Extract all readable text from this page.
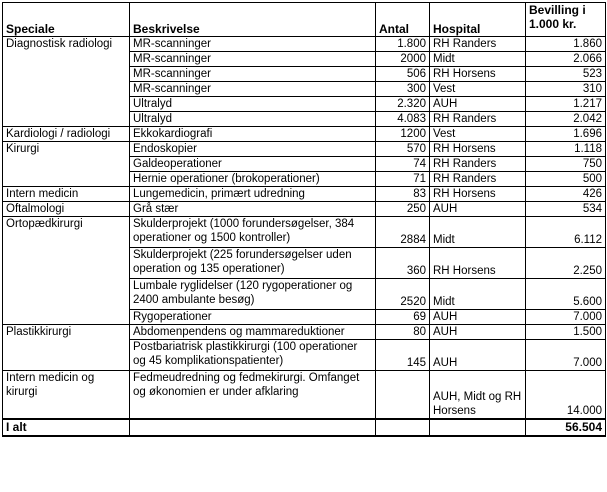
Speciale	Beskrivelse	Antal	Hospital	Bevilling i
1.000 kr.
Diagnostisk radiologi	MR-scanninger	1.800	RH Randers	1.860
	MR-scanninger	2000	Midt	2.066
	MR-scanninger	506	RH Horsens	523
	MR-scanninger	300	Vest	310
	Ultralyd	2.320	AUH	1.217
	Ultralyd	4.083	RH Randers	2.042
Kardiologi / radiologi	Ekkokardiografi	1200	Vest	1.696
Kirurgi	Endoskopier	570	RH Horsens	1.118
	Galdeoperationer	74	RH Randers	750
	Hernie operationer (brokoperationer)	71	RH Randers	500
Intern medicin	Lungemedicin, primært udredning	83	RH Horsens	426
Oftalmologi	Grå stær	250	AUH	534
Ortopædkirurgi	Skulderprojekt (1000 forundersøgelser, 384 operationer og 1500 kontroller)	2884	Midt	6.112
	Skulderprojekt (225 forundersøgelser uden operation og 135 operationer)	360	RH Horsens	2.250
	Lumbale ryglidelser (120 rygoperationer og 2400 ambulante besøg)	2520	Midt	5.600
	Rygoperationer	69	AUH	7.000
Plastikkirurgi	Abdomenpendens og mammareduktioner	80	AUH	1.500
	Postbariatrisk plastikkirurgi (100 operationer og 45 komplikationspatienter)	145	AUH	7.000
Intern medicin og kirurgi	Fedmeudredning og fedmekirurgi. Omfanget og økonomien er under afklaring		AUH, Midt og RH Horsens	14.000
I alt				56.504
